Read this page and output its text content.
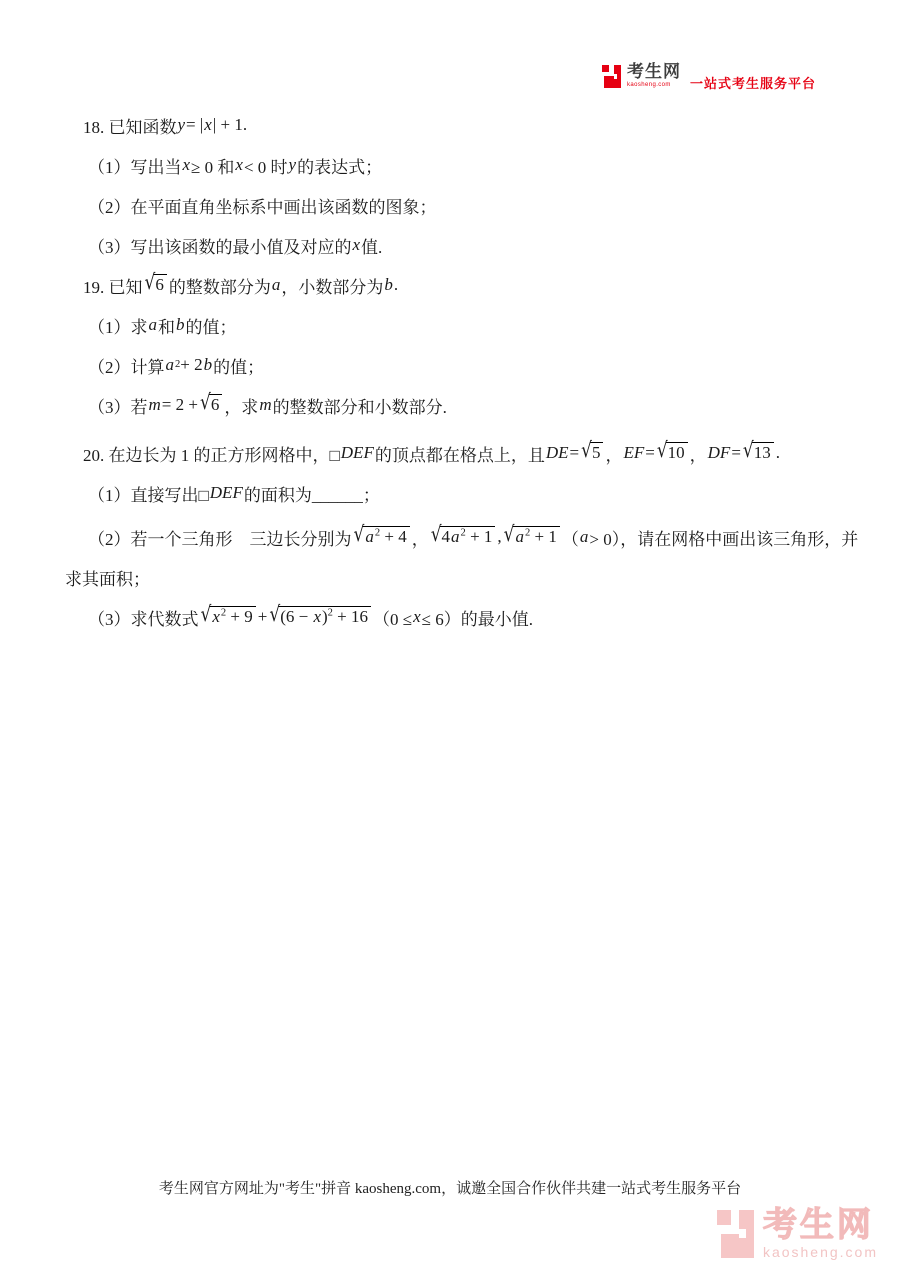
考生网
kaosheng.com 一站式考生服务平台
18. 已知函数 y = | x | + 1.
（1）写出当 x ≥ 0 和 x < 0 时 y 的表达式；
（2）在平面直角坐标系中画出该函数的图象；
（3）写出该函数的最小值及对应的 x 值.
19. 已知 √6 的整数部分为 a ，小数部分为 b .
（1）求 a 和 b 的值；
（2）计算 a 2 + 2 b 的值；
（3）若 m = 2 + √6 ，求 m 的整数部分和小数部分.
20. 在边长为 1 的正方形网格中，□ DEF 的顶点都在格点上，且 DE = √5 ， EF = √10 ， DF = √13 .
（1）直接写出□ DEF 的面积为______；
（2）若一个三角形　三边长分别为 $√a^2 + 4$ ， $√4a^2 + 1$ , $√a^2 + 1$ （ a > 0），请在网格中画出该三角形，并
求其面积；
（3）求代数式 $√x^2 + 9 + √(6 - x)^2 + 16$ （0 ≤ x ≤ 6）的最小值.
考生网官方网址为"考生"拼音 kaosheng.com，诚邀全国合作伙伴共建一站式考生服务平台
考生网
kaosheng.com
